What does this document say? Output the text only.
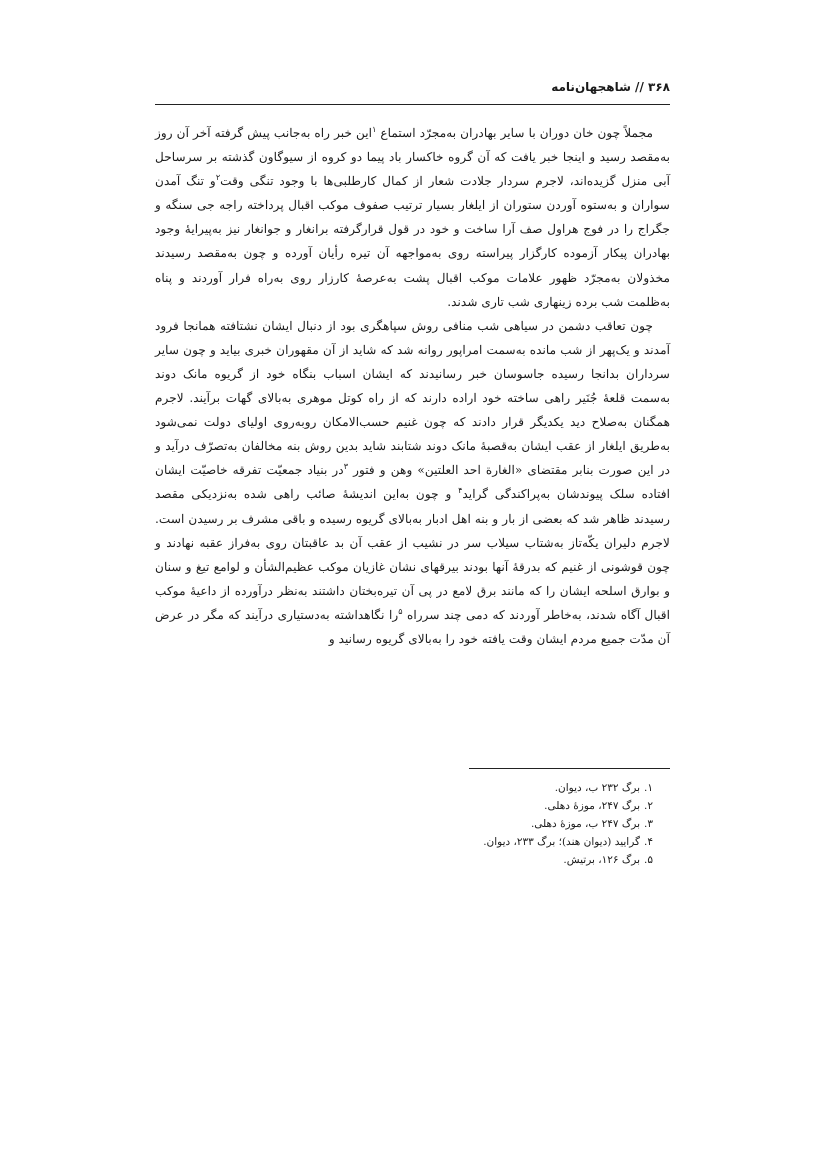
۳۶۸ // شاهجهان‌نامه

مجملاً چون خان دوران با سایر بهادران به‌مجرّد استماع $^۱$این خبر راه به‌جانب پیش گرفته آخر آن روز به‌مقصد رسید و اینجا خبر یافت که آن گروه خاکسار باد پیما دو کروه از سیوگاون گذشته بر سرساحل آبی منزل گزیده‌اند، لاجرم سردار جلادت شعار از کمال کارطلبی‌ها با وجود تنگی وقت$^۲$و تنگ آمدن سواران و به‌ستوه آوردن ستوران از ایلغار بسیار ترتیب صفوف موکب اقبال پرداخته راجه جی سنگه و جگراج را در فوج هراول صف آرا ساخت و خود در قول قرارگرفته برانغار و جوانغار نیز به‌پیرایهٔ وجود بهادران پیکار آزموده کارگزار پیراسته روی به‌مواجهه آن تیره رأیان آورده و چون به‌مقصد رسیدند مخذولان به‌مجرّد ظهور علامات موکب اقبال پشت به‌عرصهٔ کارزار روی به‌راه فرار آوردند و پناه به‌ظلمت شب برده زینهاری شب تاری شدند.

چون تعاقب دشمن در سیاهی شب منافی روش سپاهگری بود از دنبال ایشان نشتافته همانجا فرود آمدند و یک‌پهر از شب مانده به‌سمت امراپور روانه شد که شاید از آن مقهوران خبری بیاید و چون سایر سرداران بدانجا رسیده جاسوسان خبر رسانیدند که ایشان اسباب بنگاه خود از گریوه مانک دوند به‌سمت قلعهٔ جُنَیر راهی ساخته خود اراده دارند که از راه کوتل موهری به‌بالای گهات برآیند. لاجرم همگنان به‌صلاح دید یکدیگر قرار دادند که چون غنیم حسب‌الامکان روبه‌روی اولیای دولت نمی‌شود به‌طریق ایلغار از عقب ایشان به‌قصبهٔ مانک دوند شتابند شاید بدین روش بنه مخالفان به‌تصرّف درآید و در این صورت بنابر مقتضای «الغارة احد العلتین» وهن و فتور $^۳$در بنیاد جمعیّت تفرقه خاصیّت ایشان افتاده سلک پیوندشان به‌پراکندگی گراید$^۴$ و چون به‌این اندیشهٔ صائب راهی شده به‌نزدیکی مقصد رسیدند ظاهر شد که بعضی از بار و بنه اهل ادبار به‌بالای گریوه رسیده و باقی مشرف بر رسیدن است. لاجرم دلیران یکّه‌تاز به‌شتاب سیلاب سر در نشیب از عقب آن بد عاقبتان روی به‌فراز عقبه نهادند و چون قوشونی از غنیم که بدرقهٔ آنها بودند بیرقهای نشان غازیان موکب عظیم‌الشأن و لوامع تیغ و سنان و بوارق اسلحه ایشان را که مانند برق لامع در پی آن تیره‌بختان داشتند به‌نظر درآورده از داعیهٔ موکب اقبال آگاه شدند، به‌خاطر آوردند که دمی چند سرراه $^۵$را نگاهداشته به‌دستیاری درآیند که مگر در عرض آن مدّت جمیع مردم ایشان وقت یافته خود را به‌بالای گریوه رسانید و

۱.برگ ۲۳۲ ب، دیوان.
۲.برگ ۲۴۷، موزهٔ دهلی.
۳.برگ ۲۴۷ ب، موزهٔ دهلی.
۴.گرایید (دیوان هند)؛ برگ ۲۳۳، دیوان.
۵.برگ ۱۲۶، برتیش.
